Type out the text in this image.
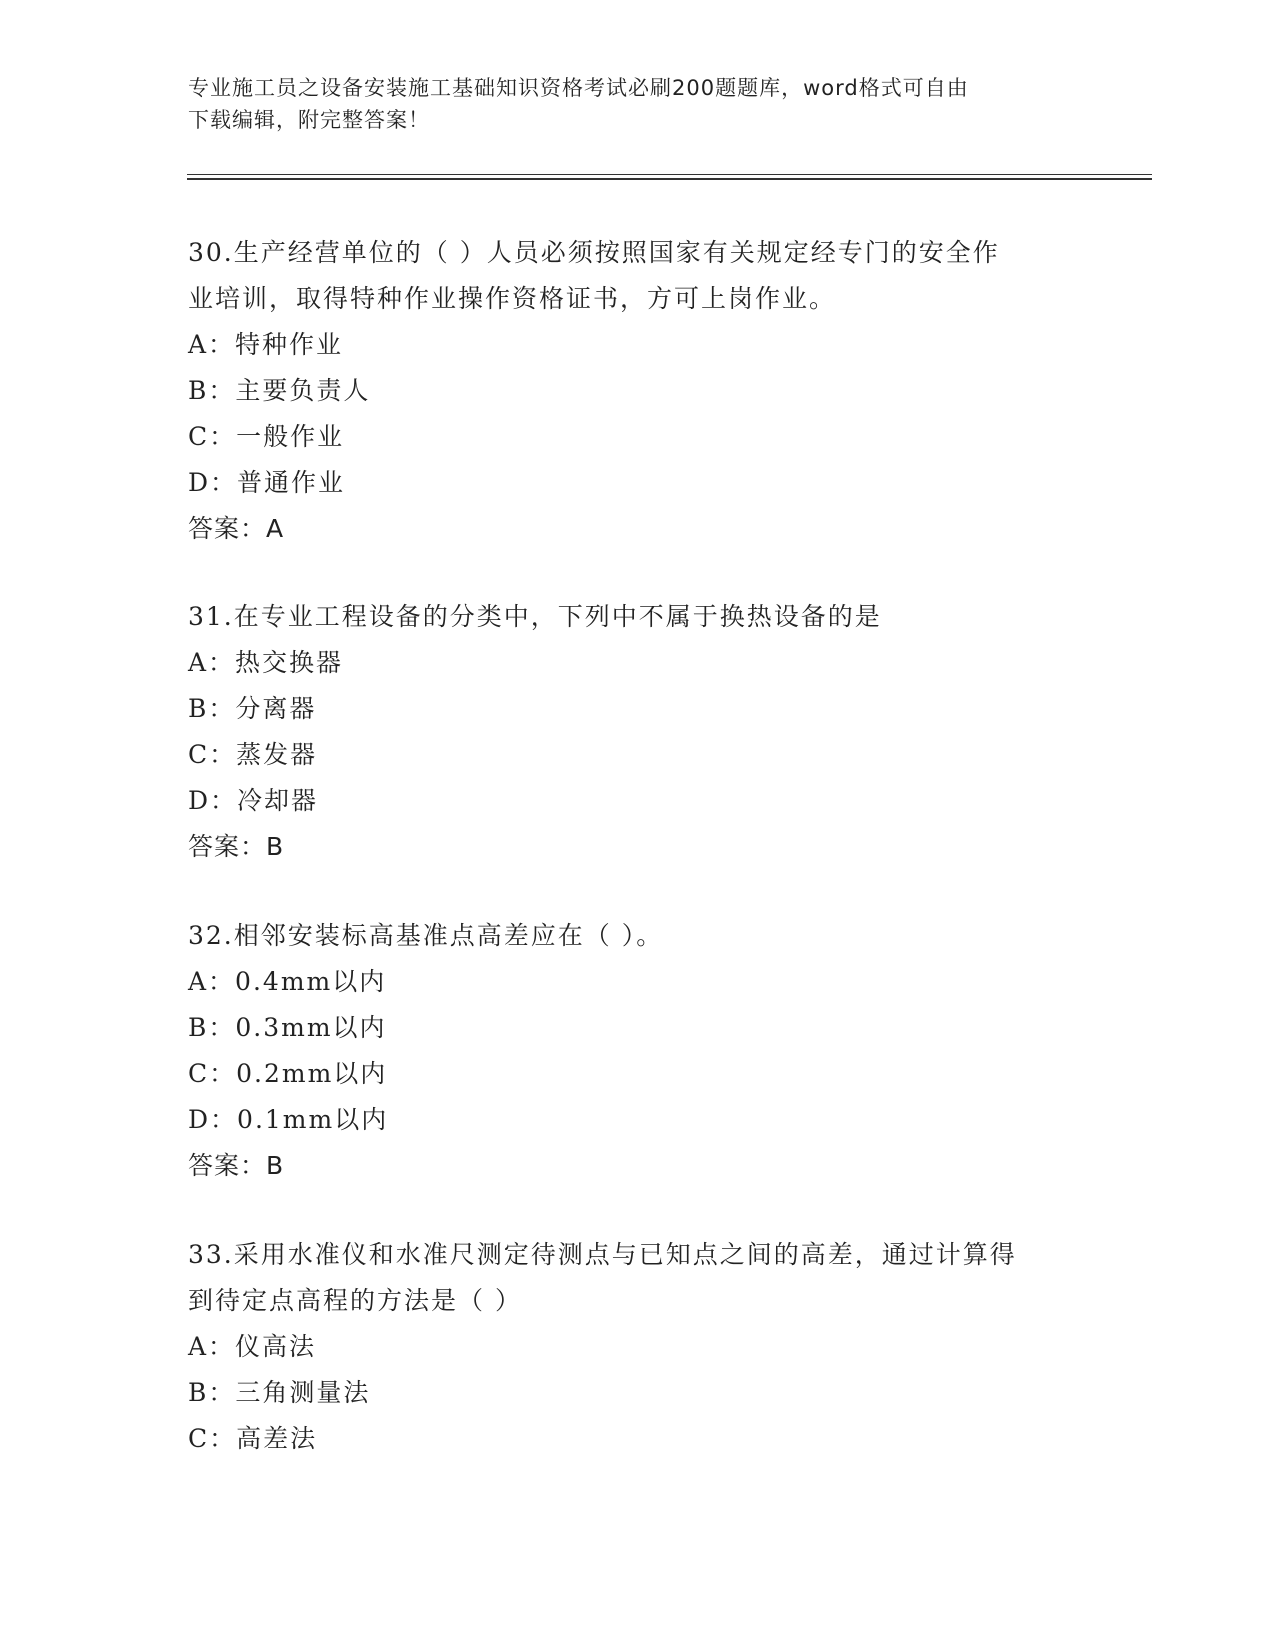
专业施工员之设备安装施工基础知识资格考试必刷200题题库，word格式可自由
下载编辑，附完整答案！
30.生产经营单位的（ ）人员必须按照国家有关规定经专门的安全作
业培训，取得特种作业操作资格证书，方可上岗作业。
A：特种作业
B：主要负责人
C：一般作业
D：普通作业
答案：A
31.在专业工程设备的分类中，下列中不属于换热设备的是
A：热交换器
B：分离器
C：蒸发器
D：冷却器
答案：B
32.相邻安装标高基准点高差应在（ ）。
A：0.4mm以内
B：0.3mm以内
C：0.2mm以内
D：0.1mm以内
答案：B
33.采用水准仪和水准尺测定待测点与已知点之间的高差，通过计算得
到待定点高程的方法是（ ）
A：仪高法
B：三角测量法
C：高差法
